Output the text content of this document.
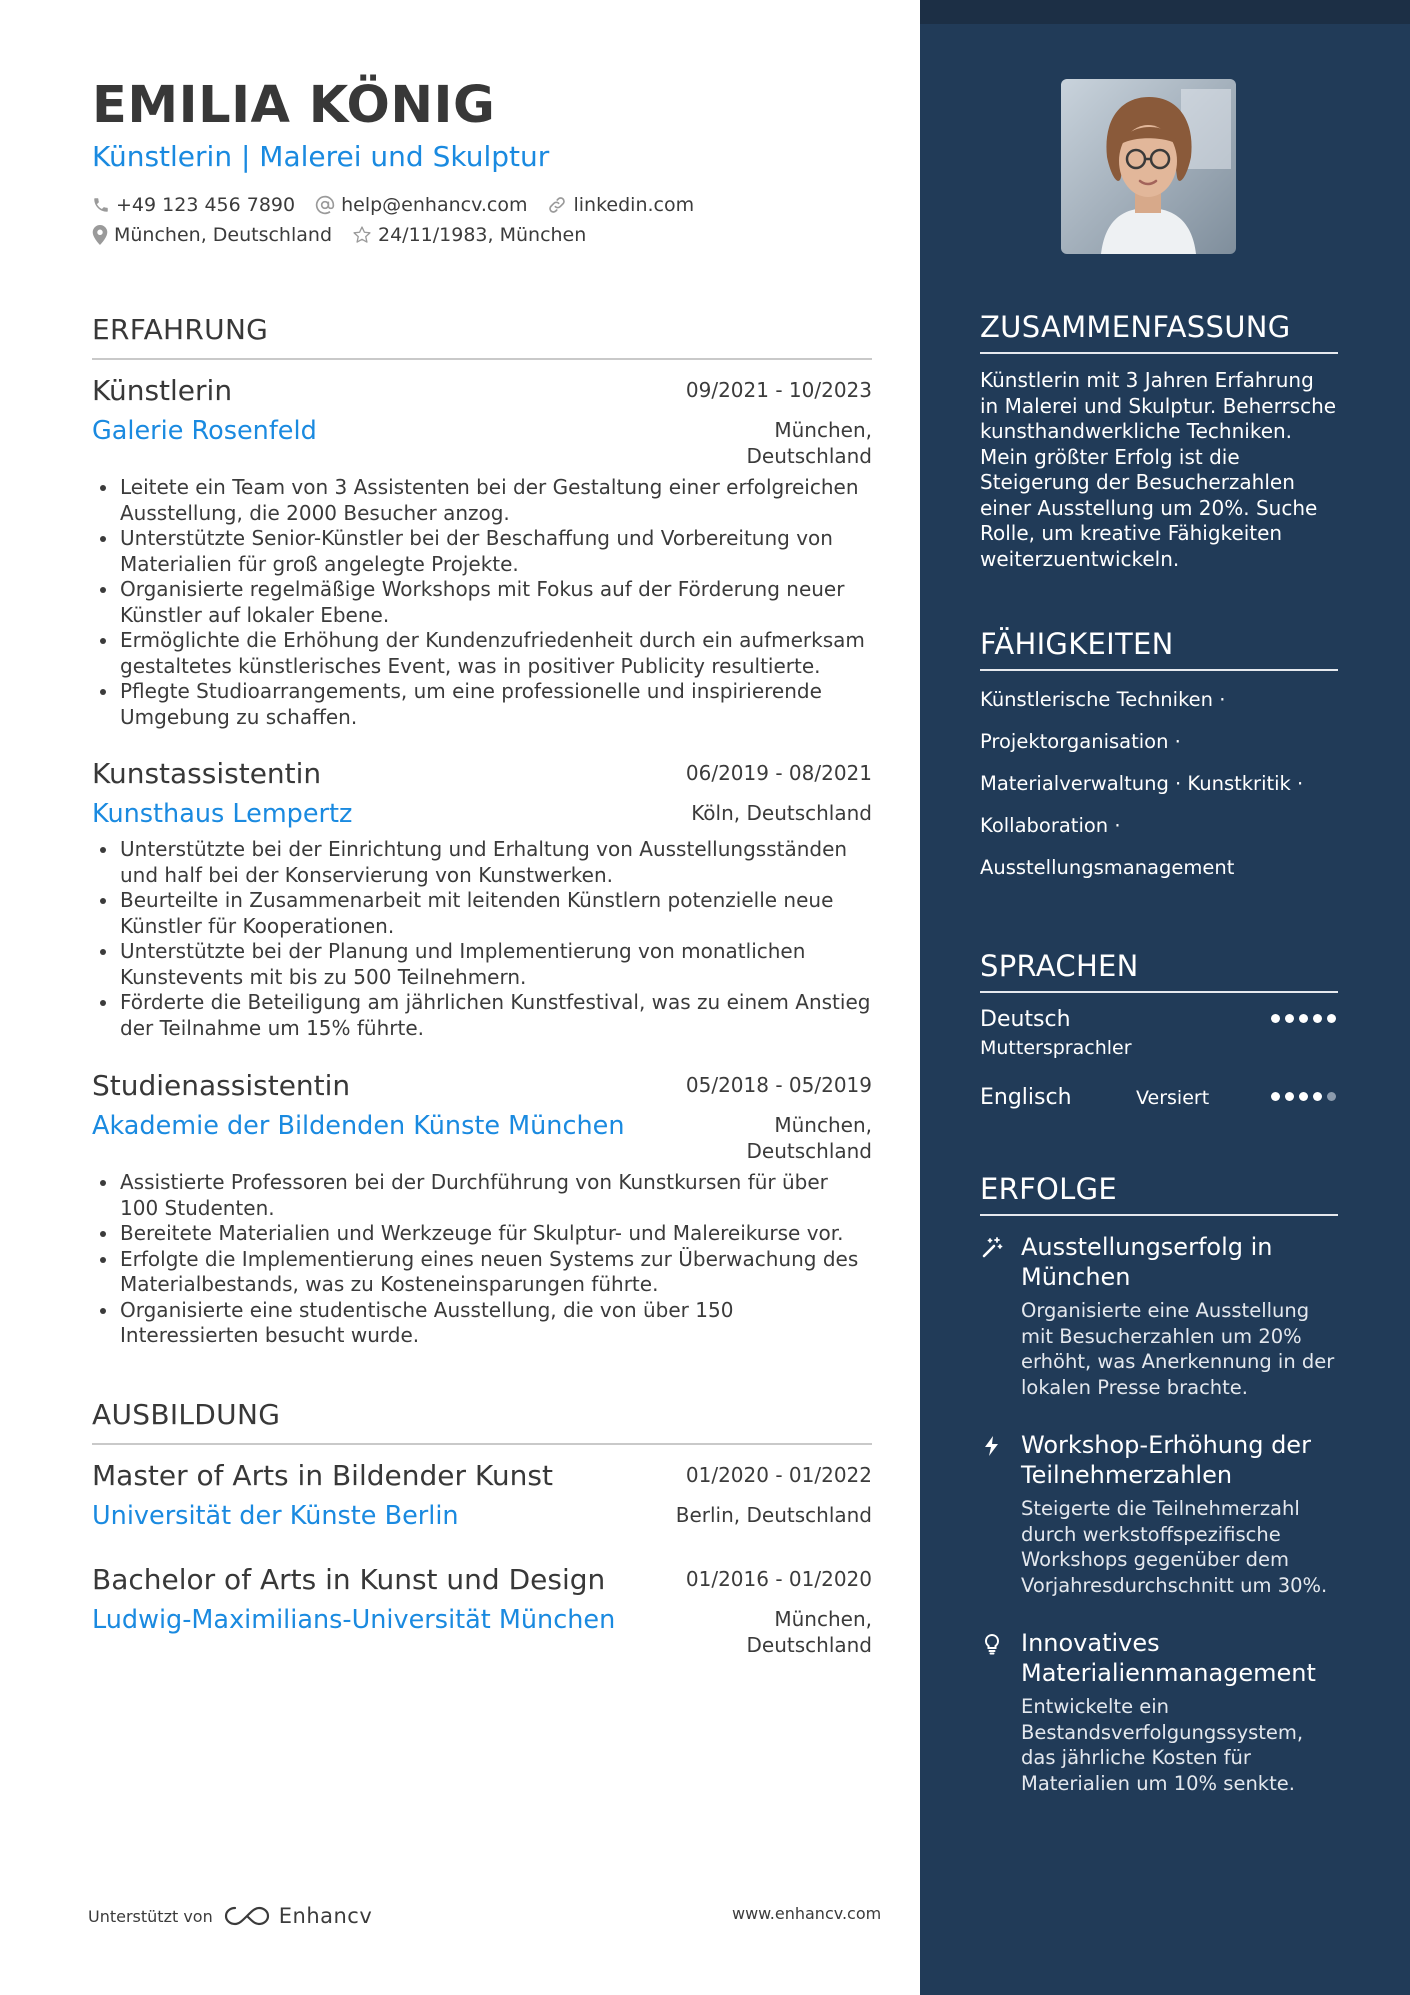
EMILIA KÖNIG
Künstlerin | Malerei und Skulptur
+49 123 456 7890 help@enhancv.com linkedin.com
München, Deutschland 24/11/1983, München
ERFAHRUNG
Künstlerin	09/2021 - 10/2023
Galerie Rosenfeld	München, Deutschland
Leitete ein Team von 3 Assistenten bei der Gestaltung einer erfolgreichen Ausstellung, die 2000 Besucher anzog.
Unterstützte Senior-Künstler bei der Beschaffung und Vorbereitung von Materialien für groß angelegte Projekte.
Organisierte regelmäßige Workshops mit Fokus auf der Förderung neuer Künstler auf lokaler Ebene.
Ermöglichte die Erhöhung der Kundenzufriedenheit durch ein aufmerksam gestaltetes künstlerisches Event, was in positiver Publicity resultierte.
Pflegte Studioarrangements, um eine professionelle und inspirierende Umgebung zu schaffen.
Kunstassistentin	06/2019 - 08/2021
Kunsthaus Lempertz	Köln, Deutschland
Unterstützte bei der Einrichtung und Erhaltung von Ausstellungsständen und half bei der Konservierung von Kunstwerken.
Beurteilte in Zusammenarbeit mit leitenden Künstlern potenzielle neue Künstler für Kooperationen.
Unterstützte bei der Planung und Implementierung von monatlichen Kunstevents mit bis zu 500 Teilnehmern.
Förderte die Beteiligung am jährlichen Kunstfestival, was zu einem Anstieg der Teilnahme um 15% führte.
Studienassistentin	05/2018 - 05/2019
Akademie der Bildenden Künste München	München, Deutschland
Assistierte Professoren bei der Durchführung von Kunstkursen für über 100 Studenten.
Bereitete Materialien und Werkzeuge für Skulptur- und Malereikurse vor.
Erfolgte die Implementierung eines neuen Systems zur Überwachung des Materialbestands, was zu Kosteneinsparungen führte.
Organisierte eine studentische Ausstellung, die von über 150 Interessierten besucht wurde.
AUSBILDUNG
Master of Arts in Bildender Kunst	01/2020 - 01/2022
Universität der Künste Berlin	Berlin, Deutschland
Bachelor of Arts in Kunst und Design	01/2016 - 01/2020
Ludwig-Maximilians-Universität München	München, Deutschland
Unterstützt von	Enhancv	www.enhancv.com
ZUSAMMENFASSUNG
Künstlerin mit 3 Jahren Erfahrung in Malerei und Skulptur. Beherrsche kunsthandwerkliche Techniken. Mein größter Erfolg ist die Steigerung der Besucherzahlen einer Ausstellung um 20%. Suche Rolle, um kreative Fähigkeiten weiterzuentwickeln.
FÄHIGKEITEN
Künstlerische Techniken ·
Projektorganisation ·
Materialverwaltung · Kunstkritik ·
Kollaboration ·
Ausstellungsmanagement
SPRACHEN
Deutsch
Muttersprachler
Englisch	Versiert
ERFOLGE
Ausstellungserfolg in München
Organisierte eine Ausstellung mit Besucherzahlen um 20% erhöht, was Anerkennung in der lokalen Presse brachte.
Workshop-Erhöhung der Teilnehmerzahlen
Steigerte die Teilnehmerzahl durch werkstoffspezifische Workshops gegenüber dem Vorjahresdurchschnitt um 30%.
Innovatives Materialienmanagement
Entwickelte ein Bestandsverfolgungssystem, das jährliche Kosten für Materialien um 10% senkte.
